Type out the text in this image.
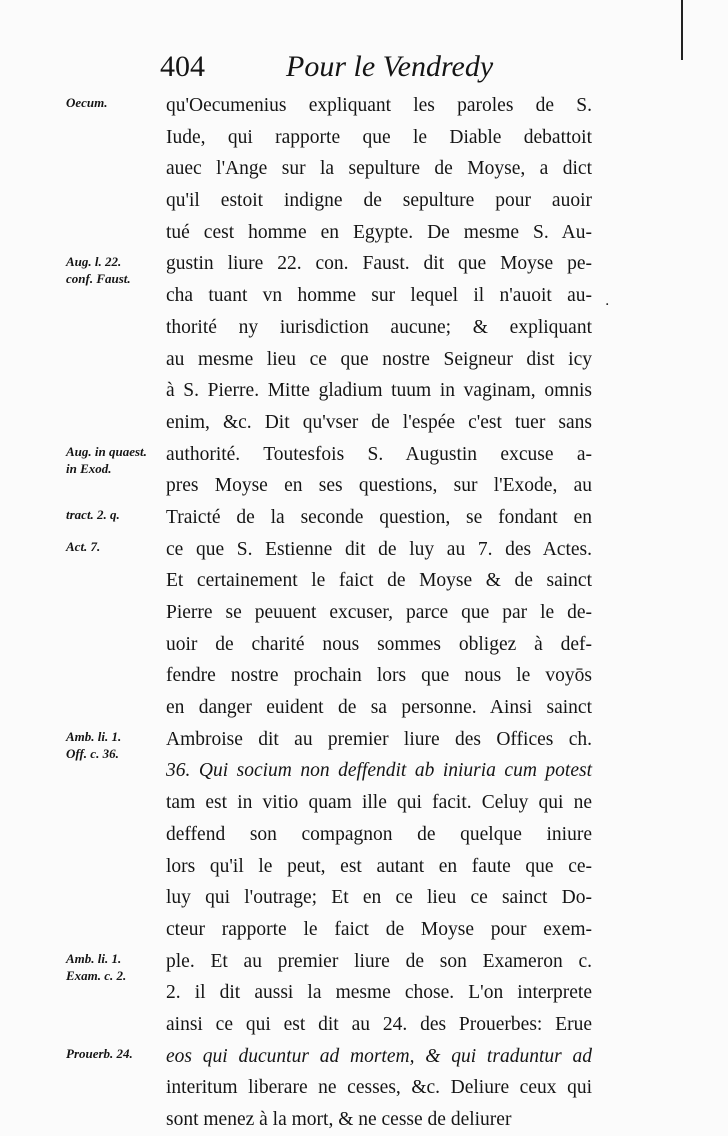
404	Pour le Vendredy
Oecum.
Aug. l. 22.
conf. Faust.
Aug. in quaest.
in Exod.
tract. 2. q.
Act. 7.
Amb. li. 1.
Off. c. 36.
Amb. li. 1.
Exam. c. 2.
Prouerb. 24.
qu'Oecumenius expliquant les paroles de S.
Iude, qui rapporte que le Diable debattoit
auec l'Ange sur la sepulture de Moyse, a dict
qu'il estoit indigne de sepulture pour auoir
tué cest homme en Egypte. De mesme S. Au-
gustin liure 22. con. Faust. dit que Moyse pe-
cha tuant vn homme sur lequel il n'auoit au-
thorité ny iurisdiction aucune; & expliquant
au mesme lieu ce que nostre Seigneur dist icy
à S. Pierre. Mitte gladium tuum in vaginam, omnis
enim, &c. Dit qu'vser de l'espée c'est tuer sans
authorité. Toutesfois S. Augustin excuse a-
pres Moyse en ses questions, sur l'Exode, au
Traicté de la seconde question, se fondant en
ce que S. Estienne dit de luy au 7. des Actes.
Et certainement le faict de Moyse & de sainct
Pierre se peuuent excuser, parce que par le de-
uoir de charité nous sommes obligez à def-
fendre nostre prochain lors que nous le voyōs
en danger euident de sa personne. Ainsi sainct
Ambroise dit au premier liure des Offices ch.
36. Qui socium non deffendit ab iniuria cum potest
tam est in vitio quam ille qui facit. Celuy qui ne
deffend son compagnon de quelque iniure
lors qu'il le peut, est autant en faute que ce-
luy qui l'outrage; Et en ce lieu ce sainct Do-
cteur rapporte le faict de Moyse pour exem-
ple. Et au premier liure de son Exameron c.
2. il dit aussi la mesme chose. L'on interprete
ainsi ce qui est dit au 24. des Prouerbes: Erue
eos qui ducuntur ad mortem, & qui traduntur ad
interitum liberare ne cesses, &c. Deliure ceux qui
sont menez à la mort, & ne cesse de deliurer
·
